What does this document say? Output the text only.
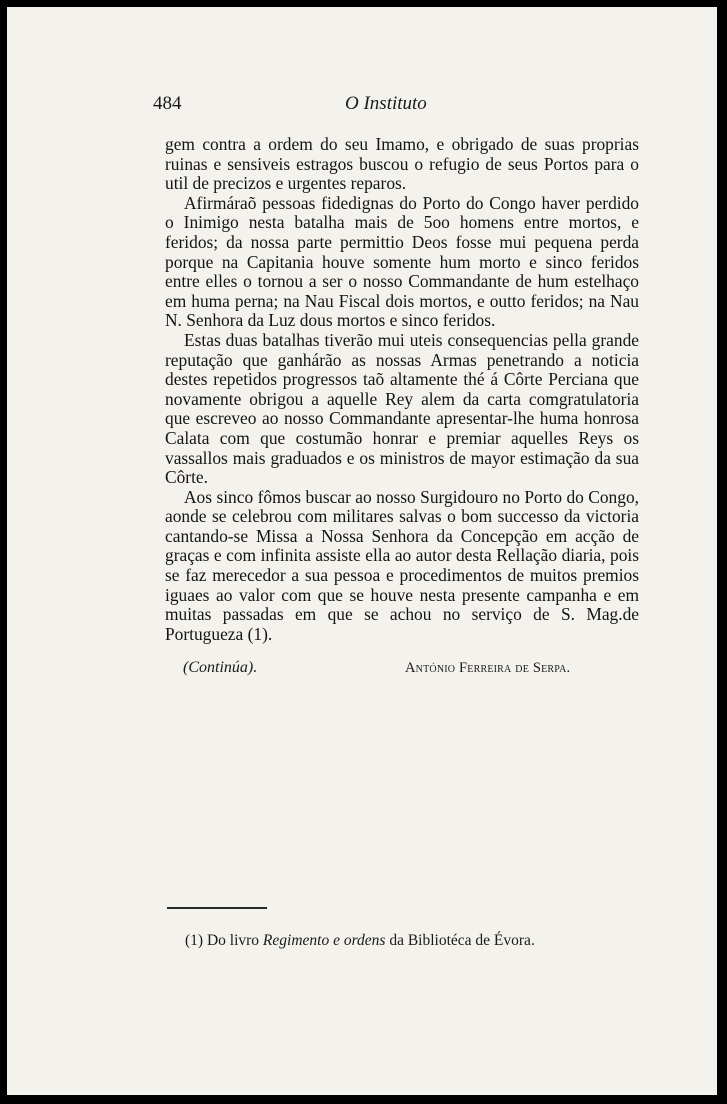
484	O Instituto

gem contra a ordem do seu Imamo, e obrigado de suas proprias ruinas e sensiveis estragos buscou o refugio de seus Portos para o util de precizos e urgentes reparos.

Afirmáraõ pessoas fidedignas do Porto do Congo haver perdido o Inimigo nesta batalha mais de 5oo homens entre mortos, e feridos; da nossa parte permittio Deos fosse mui pequena perda porque na Capitania houve somente hum morto e sinco feridos entre elles o tornou a ser o nosso Commandante de hum estelhaço em huma perna; na Nau Fiscal dois mortos, e outto feridos; na Nau N. Senhora da Luz dous mortos e sinco feridos.

Estas duas batalhas tiverão mui uteis consequencias pella grande reputação que ganhárão as nossas Armas penetrando a noticia destes repetidos progressos taõ altamente thé á Côrte Perciana que novamente obrigou a aquelle Rey alem da carta comgratulatoria que escreveo ao nosso Commandante apresentar-lhe huma honrosa Calata com que costumão honrar e premiar aquelles Reys os vassallos mais graduados e os ministros de mayor estimação da sua Côrte.

Aos sinco fômos buscar ao nosso Surgidouro no Porto do Congo, aonde se celebrou com militares salvas o bom successo da victoria cantando-se Missa a Nossa Senhora da Concepção em acção de graças e com infinita assiste ella ao autor desta Rellação diaria, pois se faz merecedor a sua pessoa e procedimentos de muitos premios iguaes ao valor com que se houve nesta presente campanha e em muitas passadas em que se achou no serviço de S. Mag.de Portugueza (1).

(Continúa).	António Ferreira de Serpa.
(1) Do livro Regimento e ordens da Bibliotéca de Évora.
